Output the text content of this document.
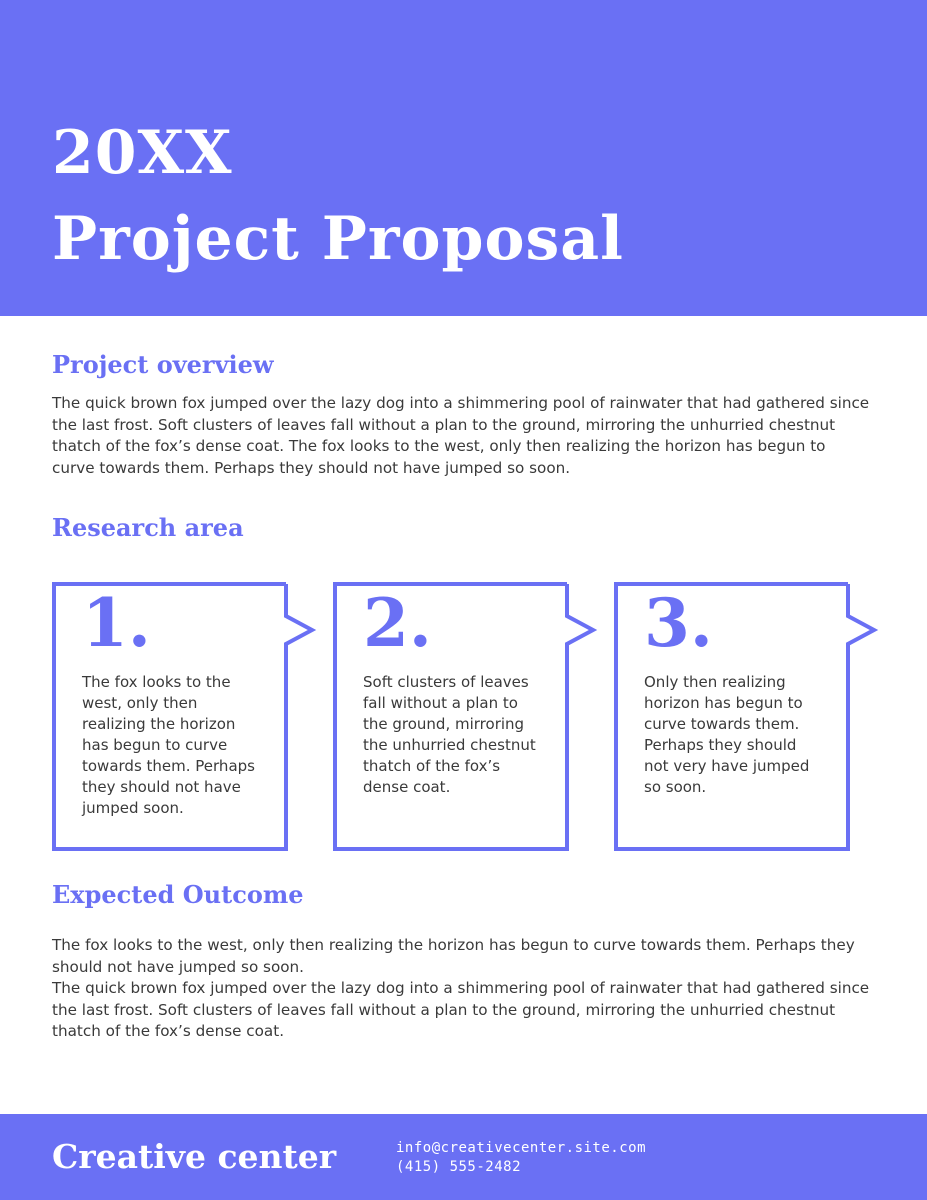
20XX
Project Proposal
Project overview

The quick brown fox jumped over the lazy dog into a shimmering pool of rainwater that had gathered since the last frost. Soft clusters of leaves fall without a plan to the ground, mirroring the unhurried chestnut thatch of the fox’s dense coat. The fox looks to the west, only then realizing the horizon has begun to curve towards them. Perhaps they should not have jumped so soon.

Research area
1.

The fox looks to the west, only then realizing the horizon has begun to curve towards them. Perhaps they should not have jumped soon.

2.

Soft clusters of leaves fall without a plan to the ground, mirroring the unhurried chestnut thatch of the fox’s dense coat.

3.

Only then realizing horizon has begun to curve towards them. Perhaps they should not very have jumped so soon.

Expected Outcome

The fox looks to the west, only then realizing the horizon has begun to curve towards them. Perhaps they should not have jumped so soon.

The quick brown fox jumped over the lazy dog into a shimmering pool of rainwater that had gathered since the last frost. Soft clusters of leaves fall without a plan to the ground, mirroring the unhurried chestnut thatch of the fox’s dense coat.

Creative center	info@creativecenter.site.com
(415) 555-2482
